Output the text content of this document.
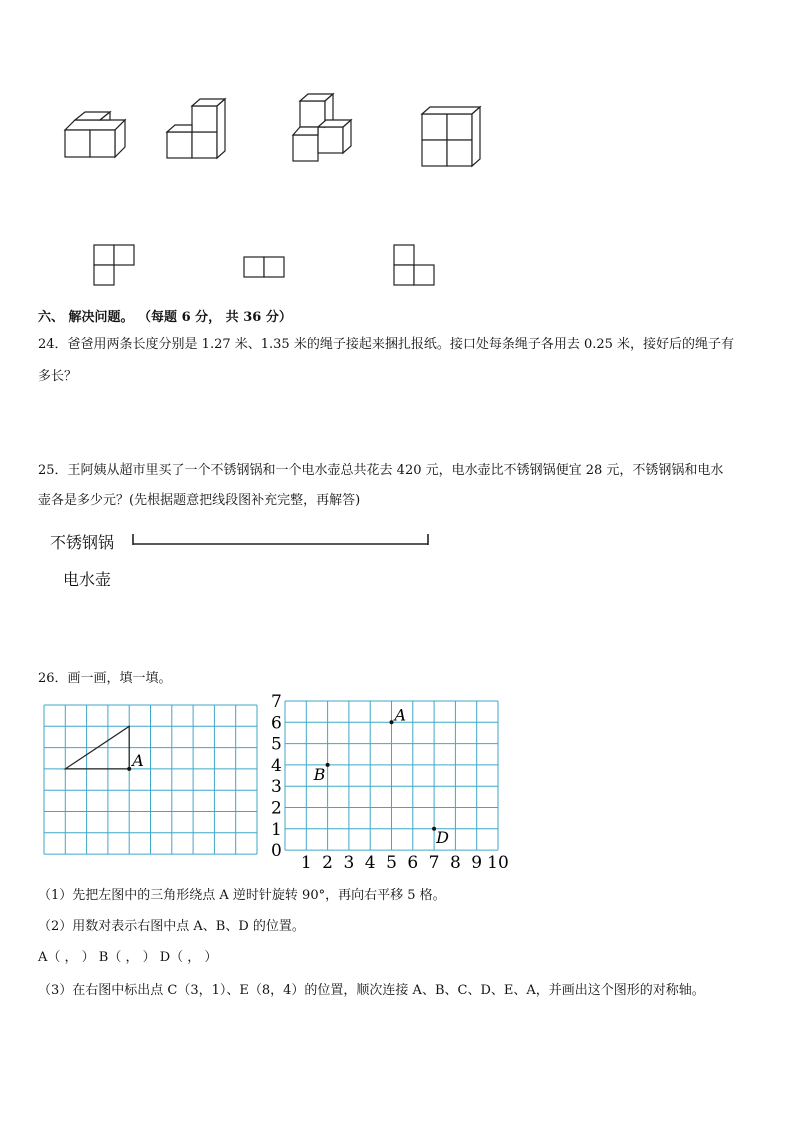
六、 解决问题。 （每题 6 分， 共 36 分）
24．爸爸用两条长度分别是 1.27 米、1.35 米的绳子接起来捆扎报纸。接口处每条绳子各用去 0.25 米，接好后的绳子有
多长？
25．王阿姨从超市里买了一个不锈钢锅和一个电水壶总共花去 420 元，电水壶比不锈钢锅便宜 28 元，不锈钢锅和电水
壶各是多少元？(先根据题意把线段图补充完整，再解答)
不锈钢锅
电水壶
26．画一画，填一填。
A
7
6
5
4
3
2
1
0
1 2 3 4 5 6 7 8 9 10
A
B
D
（1）先把左图中的三角形绕点 A 逆时针旋转 90°，再向右平移 5 格。
（2）用数对表示右图中点 A、B、D 的位置。
A（ ， ） B（ ， ） D（ ， ）
（3）在右图中标出点 C（3，1）、E（8，4）的位置，顺次连接 A、B、C、D、E、A，并画出这个图形的对称轴。
